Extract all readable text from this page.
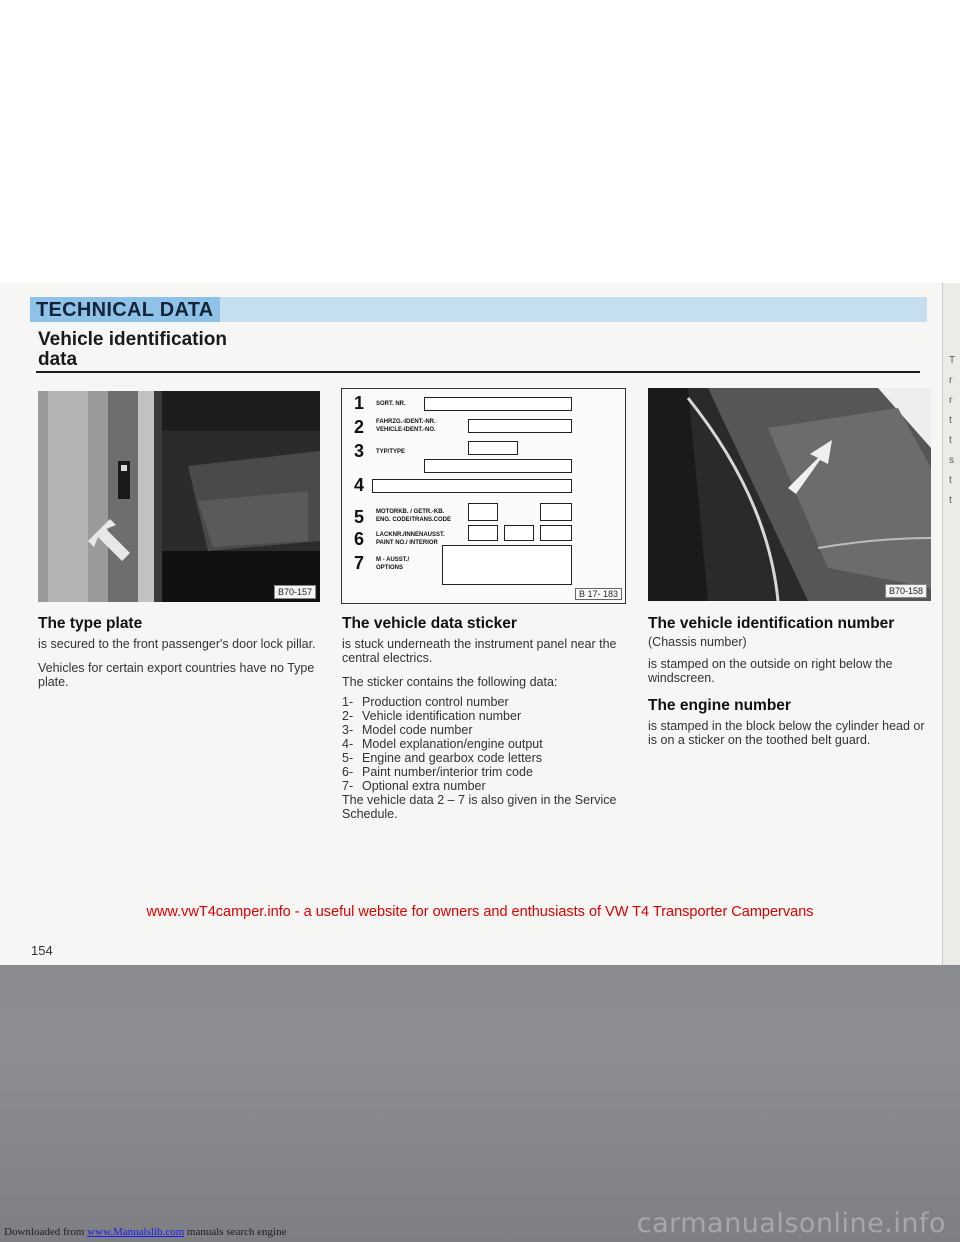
T
r
r
t
t
s
t
t
TECHNICAL DATA
Vehicle identification
data
B70-157
1
2
3
4
5
6
7
SORT. NR.
FAHRZG.-IDENT.-NR.
VEHICLE-IDENT.-NO.
TYP/TYPE
MOTORKB. / GETR.-KB.
ENG. CODE/TRANS.CODE
LACKNR./INNENAUSST.
PAINT NO./ INTERIOR
M - AUSST./
OPTIONS
B 17- 183	B70-158
The type plate

is secured to the front passenger's door lock pillar.

Vehicles for certain export countries have no Type plate.

The vehicle data sticker

is stuck underneath the instrument panel near the central electrics.

The sticker contains the following data:

1- Production control number
2- Vehicle identification number
3- Model code number
4- Model explanation/engine output
5- Engine and gearbox code letters
6- Paint number/interior trim code
7- Optional extra number

The vehicle data 2 – 7 is also given in the Service Schedule.

The vehicle identification number

(Chassis number)

is stamped on the outside on right below the windscreen.

The engine number

is stamped in the block below the cylinder head or is on a sticker on the toothed belt guard.

www.vwT4camper.info - a useful website for owners and enthusiasts of VW T4 Transporter Campervans
154
Downloaded from www.Manualslib.com manuals search engine	carmanualsonline.info
